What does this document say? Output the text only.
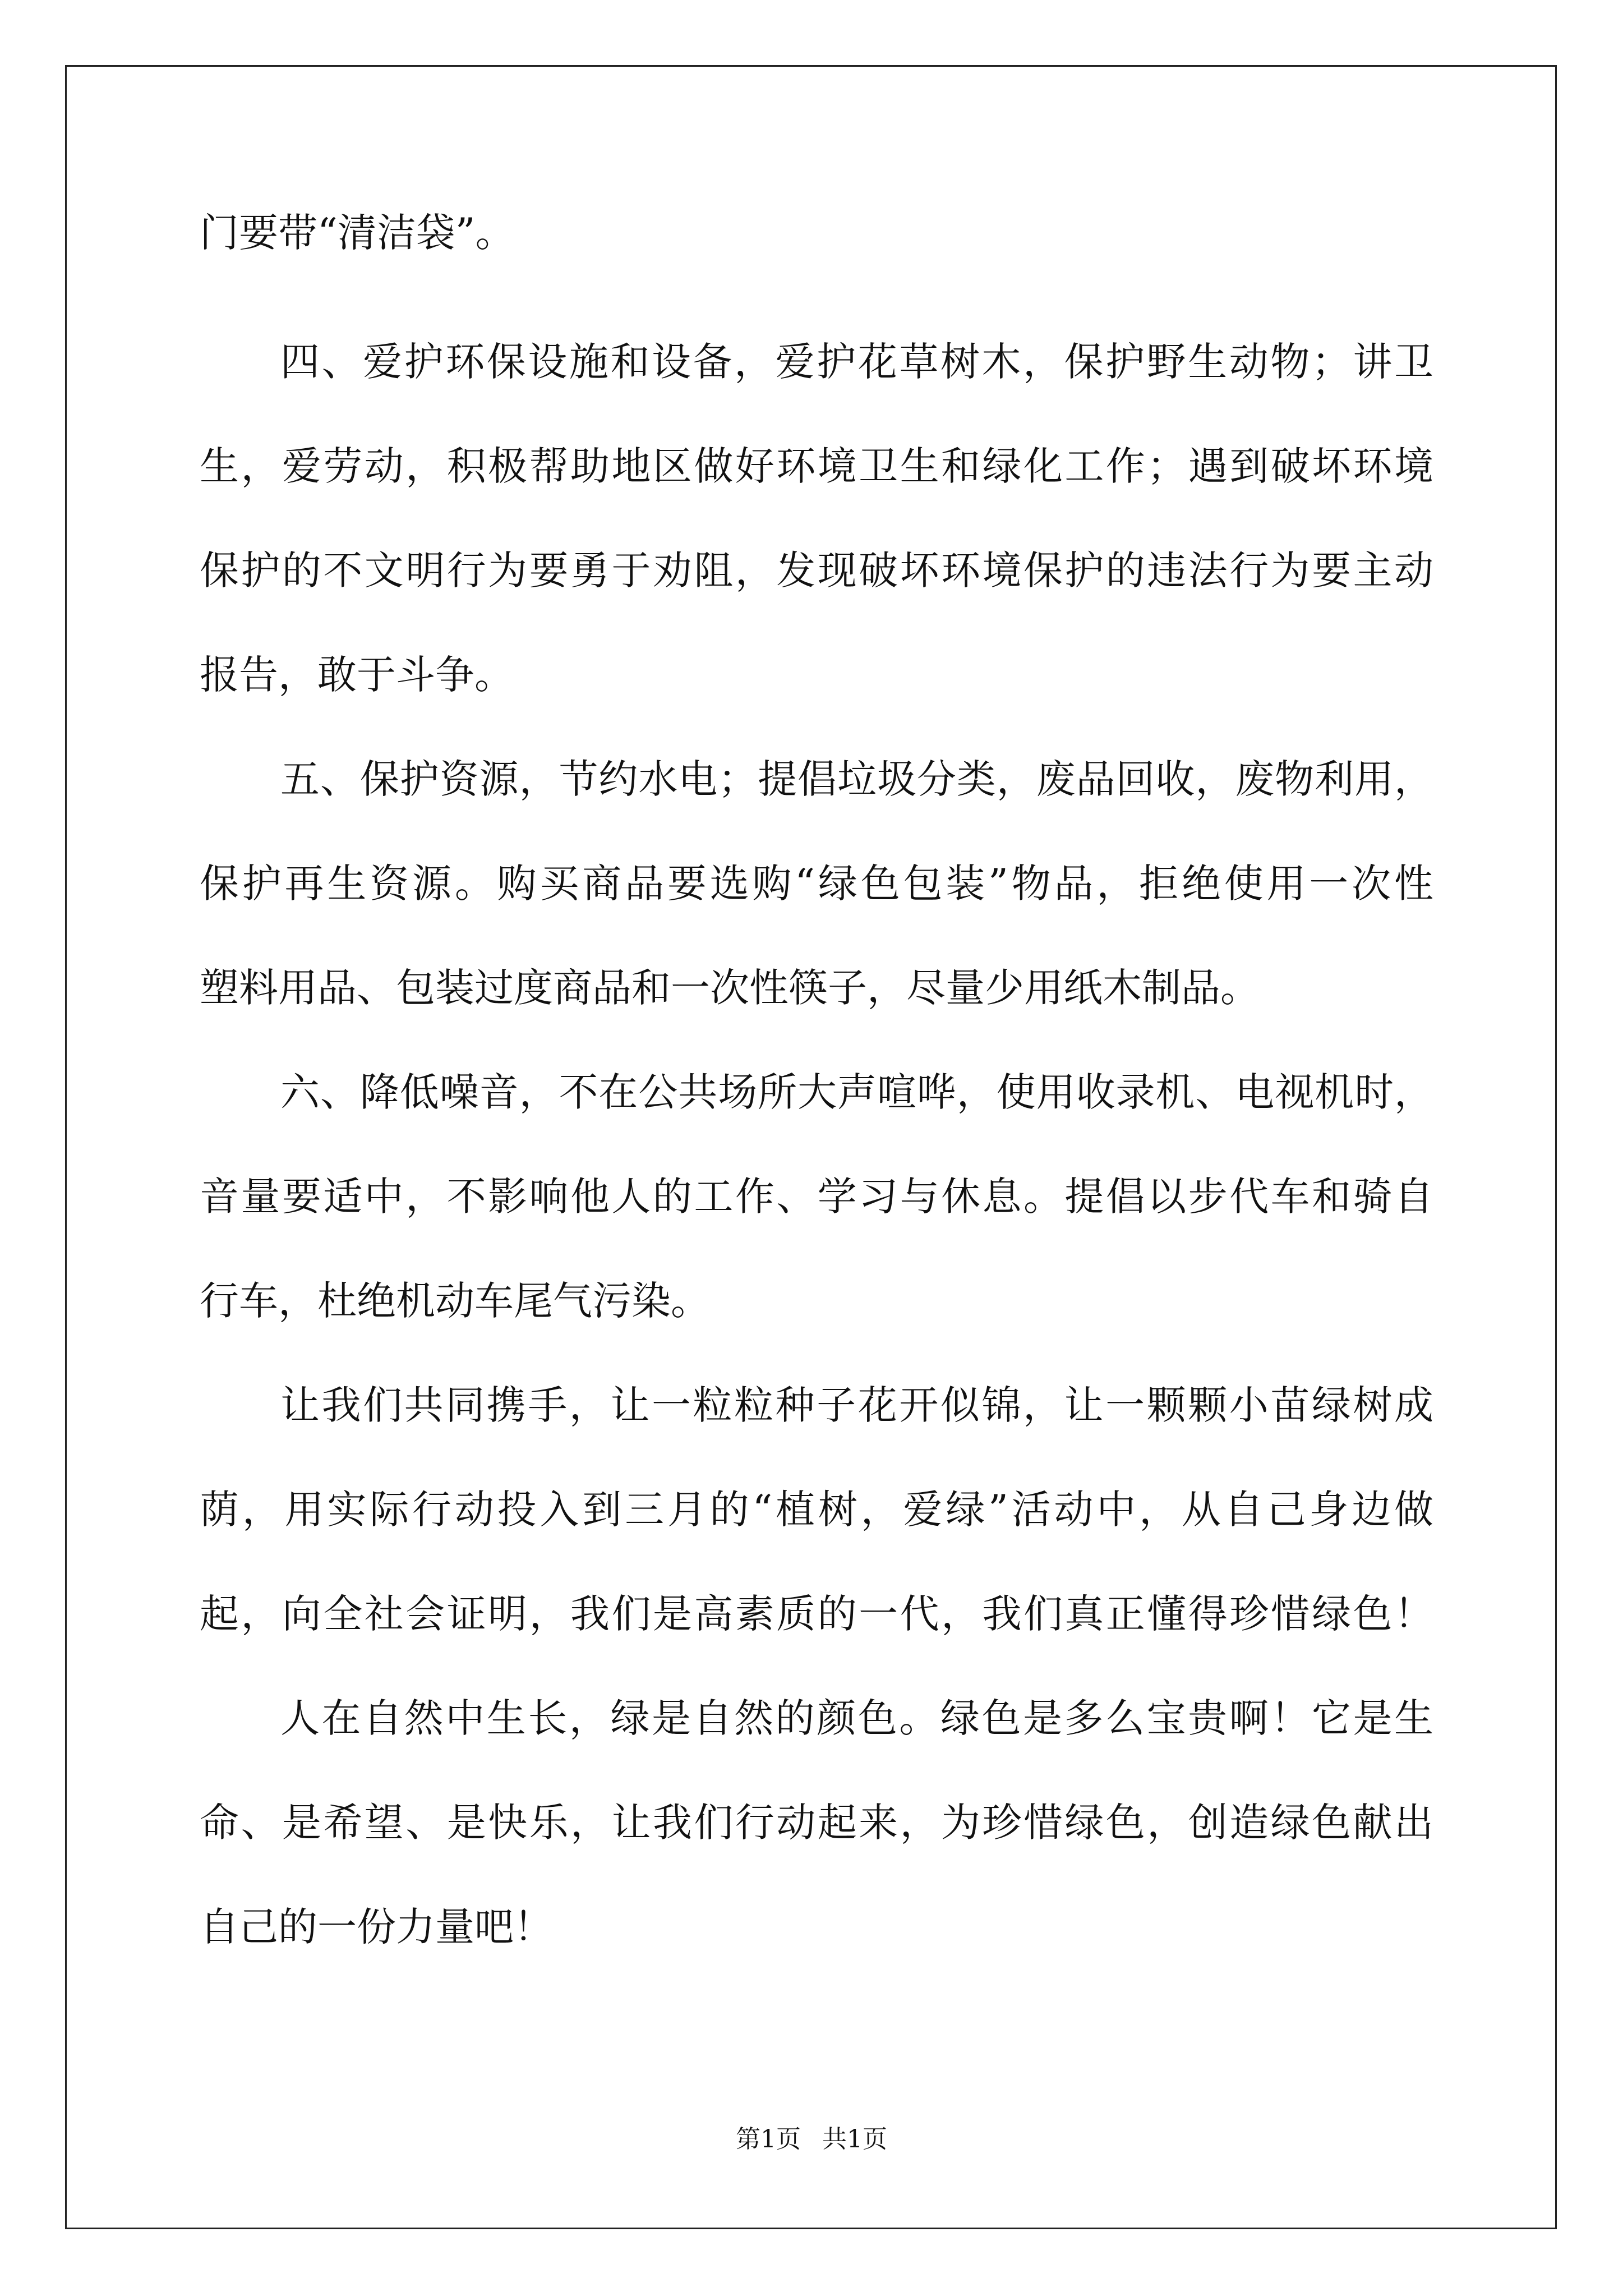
门要带“清洁袋”。
四、爱护环保设施和设备，爱护花草树木，保护野生动物；讲卫
生，爱劳动，积极帮助地区做好环境卫生和绿化工作；遇到破坏环境
保护的不文明行为要勇于劝阻，发现破坏环境保护的违法行为要主动
报告，敢于斗争。
五、保护资源，节约水电；提倡垃圾分类，废品回收，废物利用，
保护再生资源。购买商品要选购“绿色包装”物品，拒绝使用一次性
塑料用品、包装过度商品和一次性筷子，尽量少用纸木制品。
六、降低噪音，不在公共场所大声喧哗，使用收录机、电视机时，
音量要适中，不影响他人的工作、学习与休息。提倡以步代车和骑自
行车，杜绝机动车尾气污染。
让我们共同携手，让一粒粒种子花开似锦，让一颗颗小苗绿树成
荫，用实际行动投入到三月的“植树，爱绿”活动中，从自己身边做
起，向全社会证明，我们是高素质的一代，我们真正懂得珍惜绿色！
人在自然中生长，绿是自然的颜色。绿色是多么宝贵啊！它是生
命、是希望、是快乐，让我们行动起来，为珍惜绿色，创造绿色献出
自己的一份力量吧！
第1页 共1页
